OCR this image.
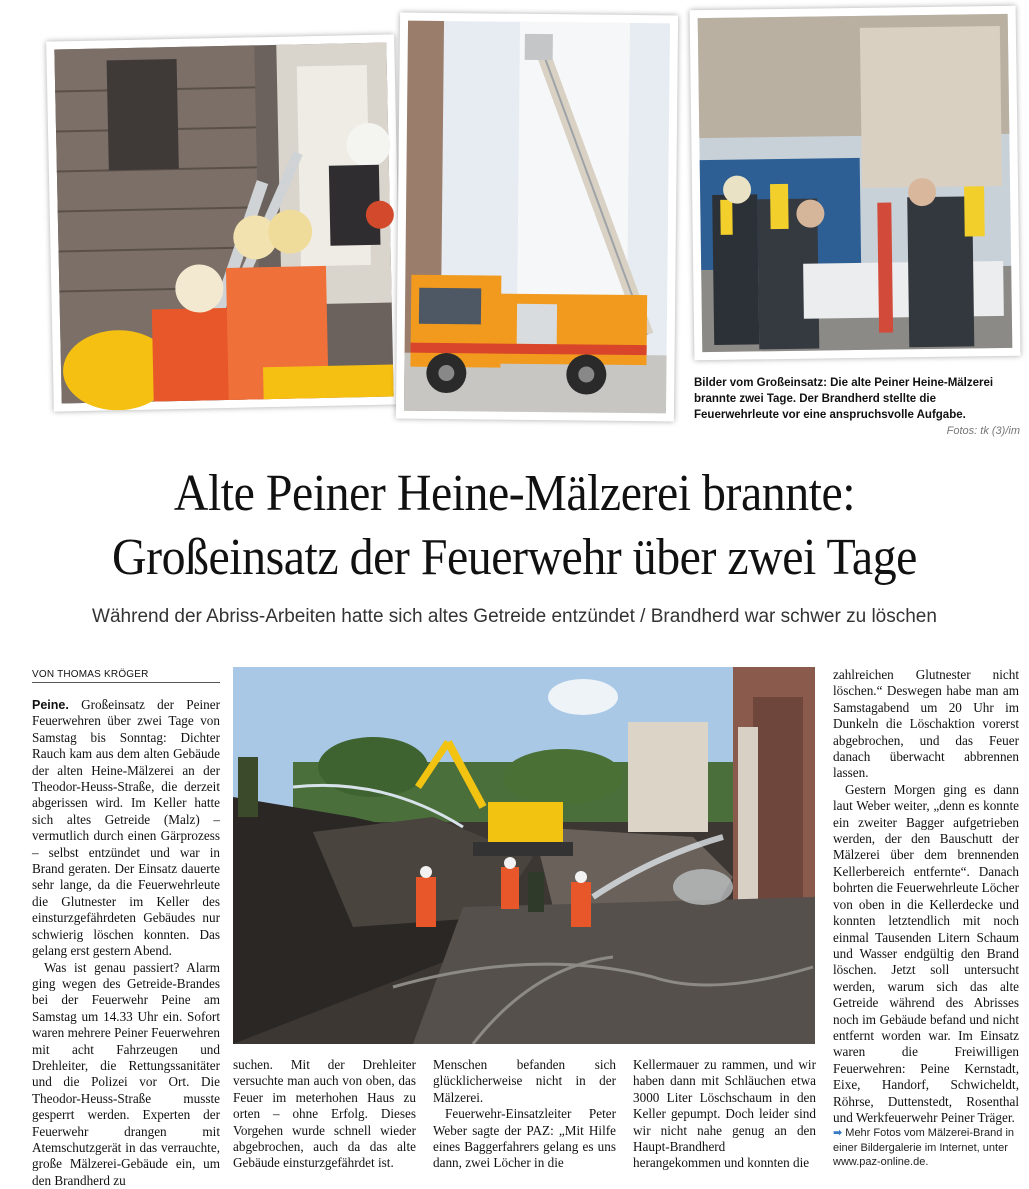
Bilder vom Großeinsatz: Die alte Peiner Heine-Mälzerei brannte zwei Tage. Der Brandherd stellte die Feuerwehrleute vor eine anspruchsvolle Aufgabe.
Fotos: tk (3)/im
Alte Peiner Heine-Mälzerei brannte:
Großeinsatz der Feuerwehr über zwei Tage
Während der Abriss-Arbeiten hatte sich altes Getreide entzündet / Brandherd war schwer zu löschen
VON THOMAS KRÖGER

Peine. Großeinsatz der Peiner Feuerwehren über zwei Tage von Samstag bis Sonntag: Dichter Rauch kam aus dem alten Gebäude der alten Heine-Mälzerei an der Theodor-Heuss-Straße, die derzeit abgerissen wird. Im Keller hatte sich altes Getreide (Malz) – vermutlich durch einen Gärprozess – selbst entzündet und war in Brand geraten. Der Einsatz dauerte sehr lange, da die Feuerwehrleute die Glutnester im Keller des einsturzgefährdeten Gebäudes nur schwierig löschen konnten. Das gelang erst gestern Abend.

Was ist genau passiert? Alarm ging wegen des Getreide-Brandes bei der Feuerwehr Peine am Samstag um 14.33 Uhr ein. Sofort waren mehrere Peiner Feuerwehren mit acht Fahrzeugen und Drehleiter, die Rettungssanitäter und die Polizei vor Ort. Die Theodor-Heuss-Straße musste gesperrt werden. Experten der Feuerwehr drangen mit Atemschutzgerät in das verrauchte, große Mälzerei-Gebäude ein, um den Brandherd zu

suchen. Mit der Drehleiter versuchte man auch von oben, das Feuer im meterhohen Haus zu orten – ohne Erfolg. Dieses Vorgehen wurde schnell wieder abgebrochen, auch da das alte Gebäude einsturzgefährdet ist.

Menschen befanden sich glücklicherweise nicht in der Mälzerei.

Feuerwehr-Einsatzleiter Peter Weber sagte der PAZ: „Mit Hilfe eines Baggerfahrers gelang es uns dann, zwei Löcher in die

Kellermauer zu rammen, und wir haben dann mit Schläuchen etwa 3000 Liter Löschschaum in den Keller gepumpt. Doch leider sind wir nicht nahe genug an den Haupt-Brandherd herangekommen und konnten die

zahlreichen Glutnester nicht löschen.“ Deswegen habe man am Samstagabend um 20 Uhr im Dunkeln die Löschaktion vorerst abgebrochen, und das Feuer danach überwacht abbrennen lassen.

Gestern Morgen ging es dann laut Weber weiter, „denn es konnte ein zweiter Bagger aufgetrieben werden, der den Bauschutt der Mälzerei über dem brennenden Kellerbereich entfernte“. Danach bohrten die Feuerwehrleute Löcher von oben in die Kellerdecke und konnten letztendlich mit noch einmal Tausenden Litern Schaum und Wasser endgültig den Brand löschen. Jetzt soll untersucht werden, warum sich das alte Getreide während des Abrisses noch im Gebäude befand und nicht entfernt worden war. Im Einsatz waren die Freiwilligen Feuerwehren: Peine Kernstadt, Eixe, Handorf, Schwicheldt, Röhrse, Duttenstedt, Rosenthal und Werkfeuerwehr Peiner Träger.

➡ Mehr Fotos vom Mälzerei-Brand in einer Bildergalerie im Internet, unter www.paz-online.de.
